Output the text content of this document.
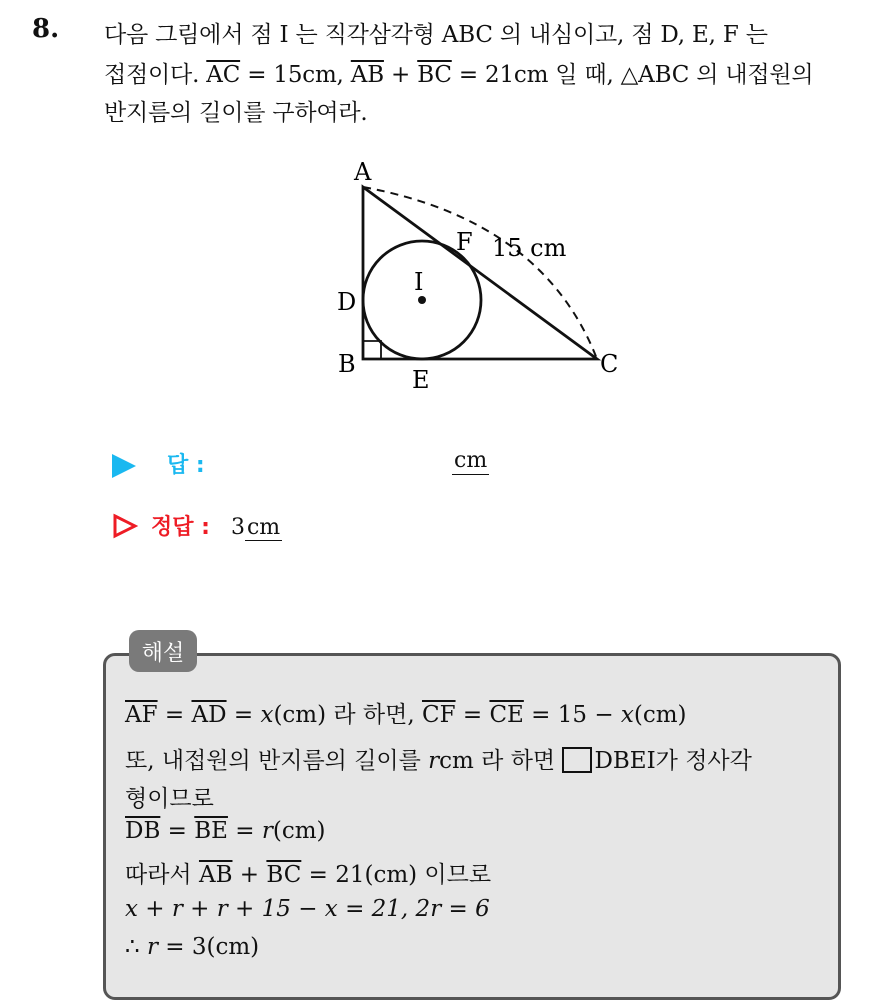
8. 다음 그림에서 점 I 는 직각삼각형 ABC 의 내심이고, 점 D, E, F 는
접점이다. $\overline{AC} = 15cm$, $\overline{AB} + \overline{BC} = 21cm$ 일 때, △ABC 의 내접원의
반지름의 길이를 구하여라.
A
B	C
D
E
F
I
15 cm
답 :	cm
정답 : 3cm
해설
$\overline{AF} = \overline{AD} = x(cm)$ 라 하면, $\overline{CF} = \overline{CE} = 15 - x(cm)$
또, 내접원의 반지름의 길이를 rcm 라 하면 DBEI가 정사각
형이므로
$\overline{DB} = \overline{BE} = r(cm)$
따라서 $\overline{AB} + \overline{BC} = 21(cm)$ 이므로
x + r + r + 15 − x = 21, 2r = 6
∴ r = 3(cm)
